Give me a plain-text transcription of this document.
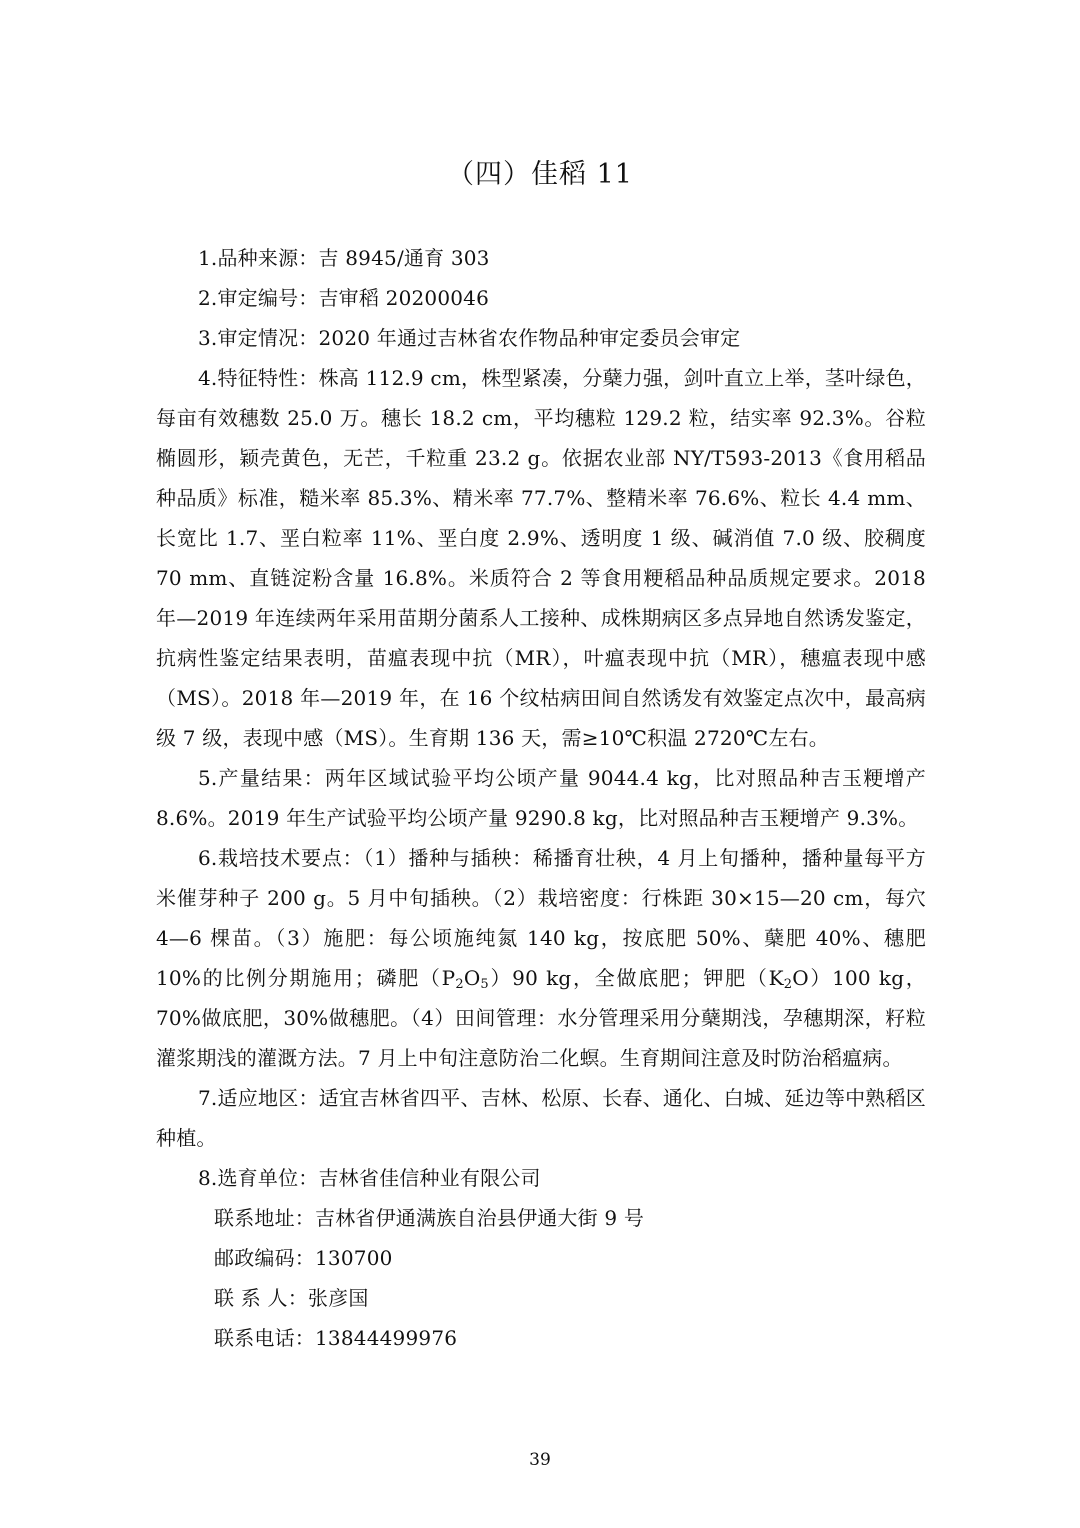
（四）佳稻 11

1.品种来源：吉 8945/通育 303

2.审定编号：吉审稻 20200046

3.审定情况：2020 年通过吉林省农作物品种审定委员会审定

4.特征特性：株高 112.9 cm，株型紧凑，分蘖力强，剑叶直立上举，茎叶绿色，每亩有效穗数 25.0 万。穗长 18.2 cm，平均穗粒 129.2 粒，结实率 92.3%。谷粒椭圆形，颖壳黄色，无芒，千粒重 23.2 g。依据农业部 NY/T593-2013《食用稻品种品质》标准，糙米率 85.3%、精米率 77.7%、整精米率 76.6%、粒长 4.4 mm、长宽比 1.7、垩白粒率 11%、垩白度 2.9%、透明度 1 级、碱消值 7.0 级、胶稠度 70 mm、直链淀粉含量 16.8%。米质符合 2 等食用粳稻品种品质规定要求。2018 年—2019 年连续两年采用苗期分菌系人工接种、成株期病区多点异地自然诱发鉴定，抗病性鉴定结果表明，苗瘟表现中抗（MR），叶瘟表现中抗（MR），穗瘟表现中感（MS）。2018 年—2019 年，在 16 个纹枯病田间自然诱发有效鉴定点次中，最高病级 7 级，表现中感（MS）。生育期 136 天，需≥10℃积温 2720℃左右。

5.产量结果：两年区域试验平均公顷产量 9044.4 kg，比对照品种吉玉粳增产 8.6%。2019 年生产试验平均公顷产量 9290.8 kg，比对照品种吉玉粳增产 9.3%。

6.栽培技术要点：（1）播种与插秧：稀播育壮秧，4 月上旬播种，播种量每平方米催芽种子 200 g。5 月中旬插秧。（2）栽培密度：行株距 30×15—20 cm，每穴 4—6 棵苗。（3）施肥：每公顷施纯氮 140 kg，按底肥 50%、蘖肥 40%、穗肥 10%的比例分期施用；磷肥$(P_2O_5)90$ kg，全做底肥；钾肥$(K_2O)100$ kg，70%做底肥，30%做穗肥。（4）田间管理：水分管理采用分蘖期浅，孕穗期深，籽粒灌浆期浅的灌溉方法。7 月上中旬注意防治二化螟。生育期间注意及时防治稻瘟病。

7.适应地区：适宜吉林省四平、吉林、松原、长春、通化、白城、延边等中熟稻区种植。

8.选育单位：吉林省佳信种业有限公司

联系地址：吉林省伊通满族自治县伊通大街 9 号

邮政编码：130700

联 系 人：张彦国

联系电话：13844499976

39
